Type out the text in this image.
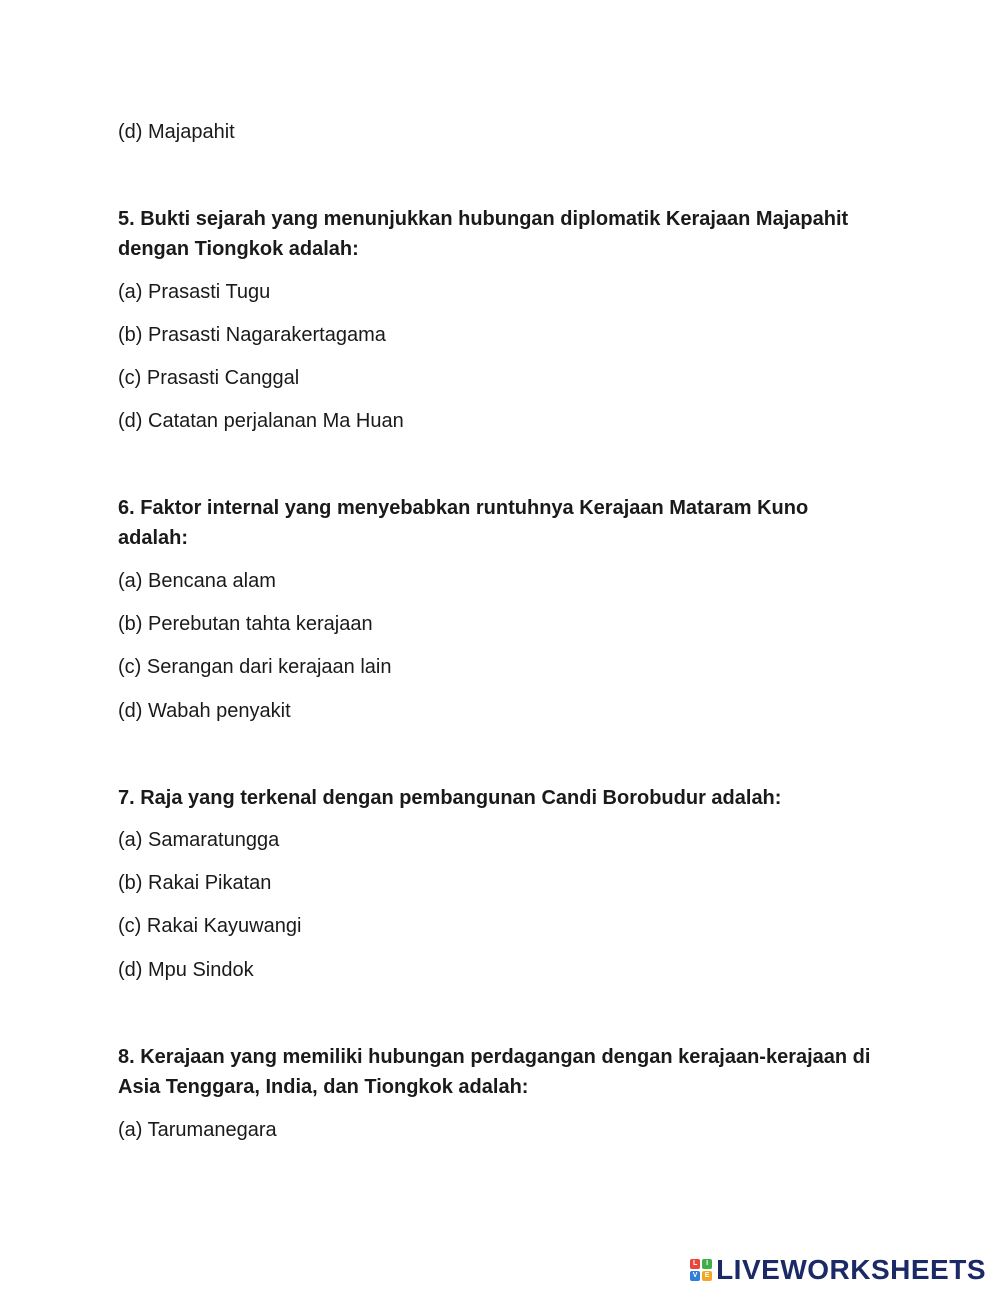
(d) Majapahit
5. Bukti sejarah yang menunjukkan hubungan diplomatik Kerajaan Majapahit
dengan Tiongkok adalah:
(a) Prasasti Tugu
(b) Prasasti Nagarakertagama
(c) Prasasti Canggal
(d) Catatan perjalanan Ma Huan
6. Faktor internal yang menyebabkan runtuhnya Kerajaan Mataram Kuno
adalah:
(a) Bencana alam
(b) Perebutan tahta kerajaan
(c) Serangan dari kerajaan lain
(d) Wabah penyakit
7. Raja yang terkenal dengan pembangunan Candi Borobudur adalah:
(a) Samaratungga
(b) Rakai Pikatan
(c) Rakai Kayuwangi
(d) Mpu Sindok
8. Kerajaan yang memiliki hubungan perdagangan dengan kerajaan-kerajaan di
Asia Tenggara, India, dan Tiongkok adalah:
(a) Tarumanegara
L	I
V	E LIVEWORKSHEETS
